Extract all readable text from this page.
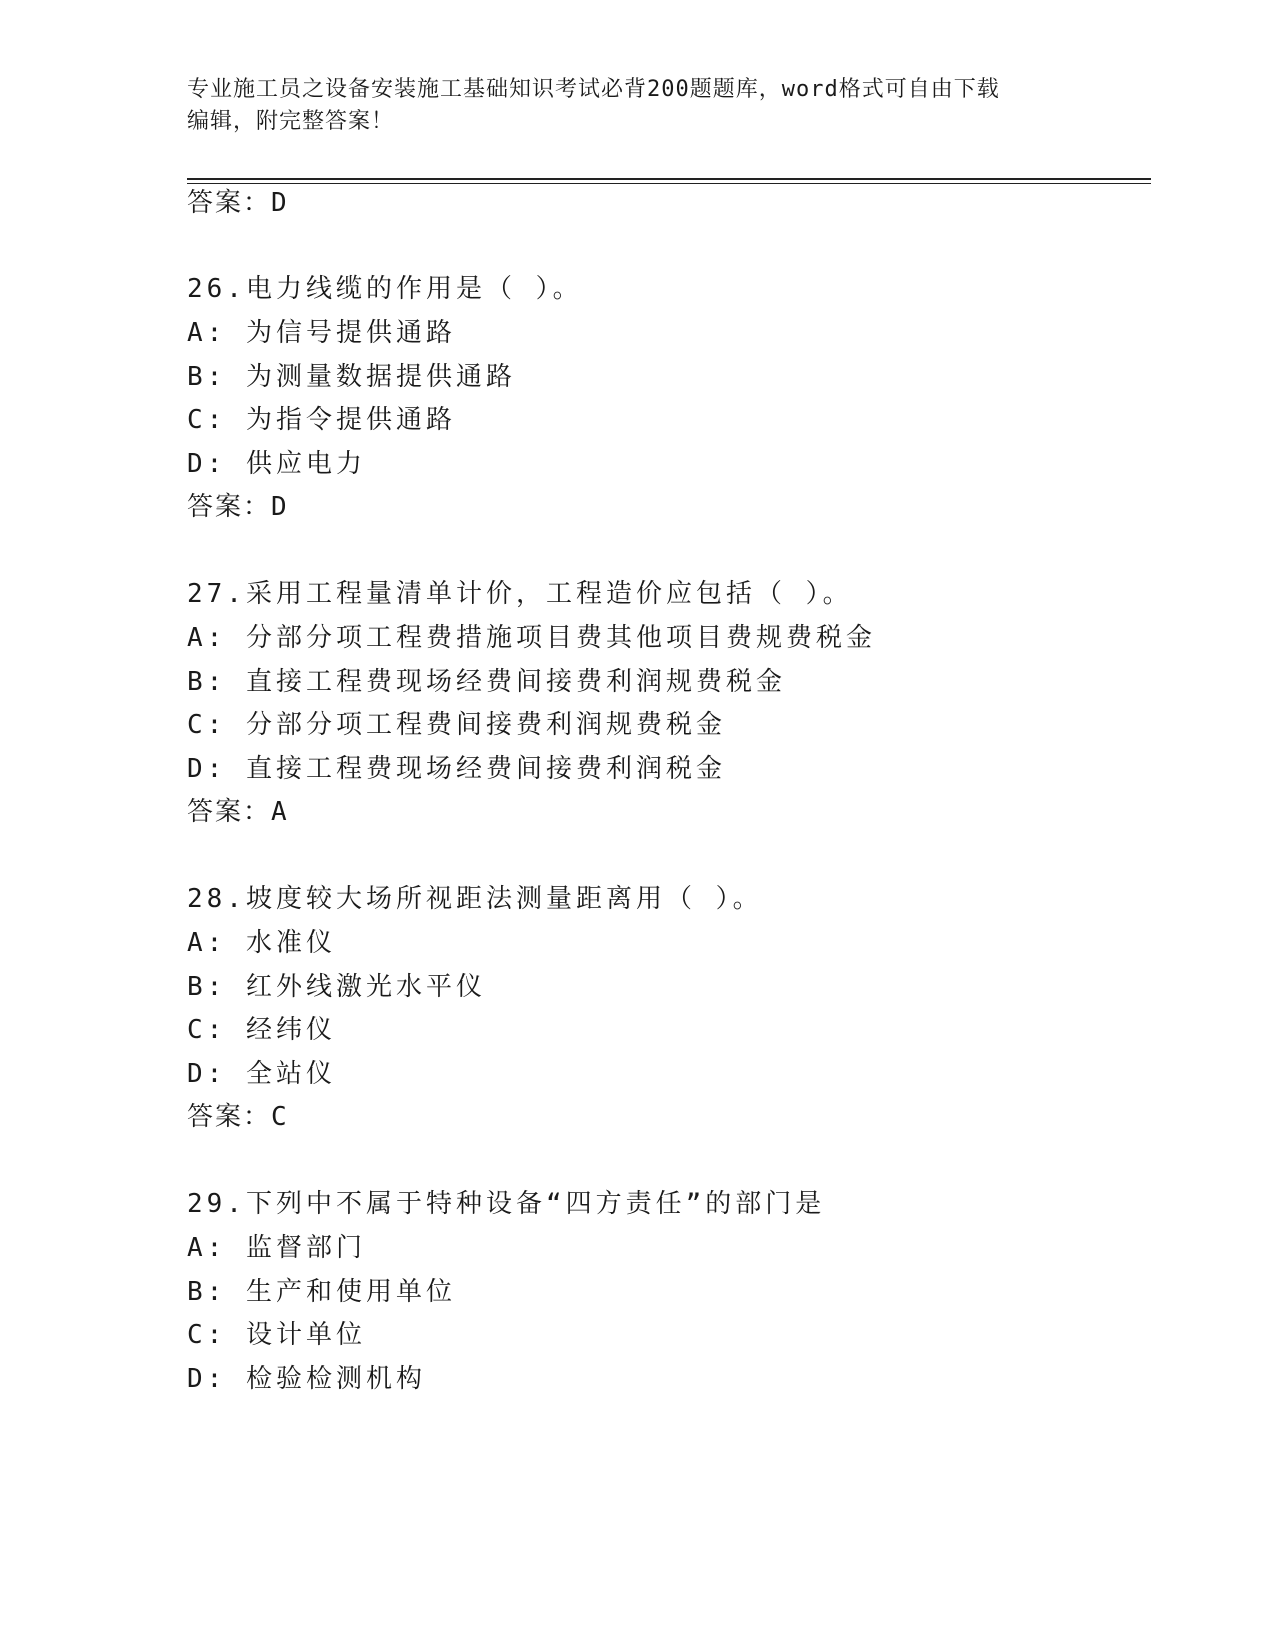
专业施工员之设备安装施工基础知识考试必背200题题库，word格式可自由下载
编辑，附完整答案！
答案：D
26.电力线缆的作用是（ ）。
A: 为信号提供通路
B: 为测量数据提供通路
C: 为指令提供通路
D: 供应电力
答案：D
27.采用工程量清单计价，工程造价应包括（ ）。
A: 分部分项工程费措施项目费其他项目费规费税金
B: 直接工程费现场经费间接费利润规费税金
C: 分部分项工程费间接费利润规费税金
D: 直接工程费现场经费间接费利润税金
答案：A
28.坡度较大场所视距法测量距离用（ ）。
A: 水准仪
B: 红外线激光水平仪
C: 经纬仪
D: 全站仪
答案：C
29.下列中不属于特种设备“四方责任”的部门是
A: 监督部门
B: 生产和使用单位
C: 设计单位
D: 检验检测机构
